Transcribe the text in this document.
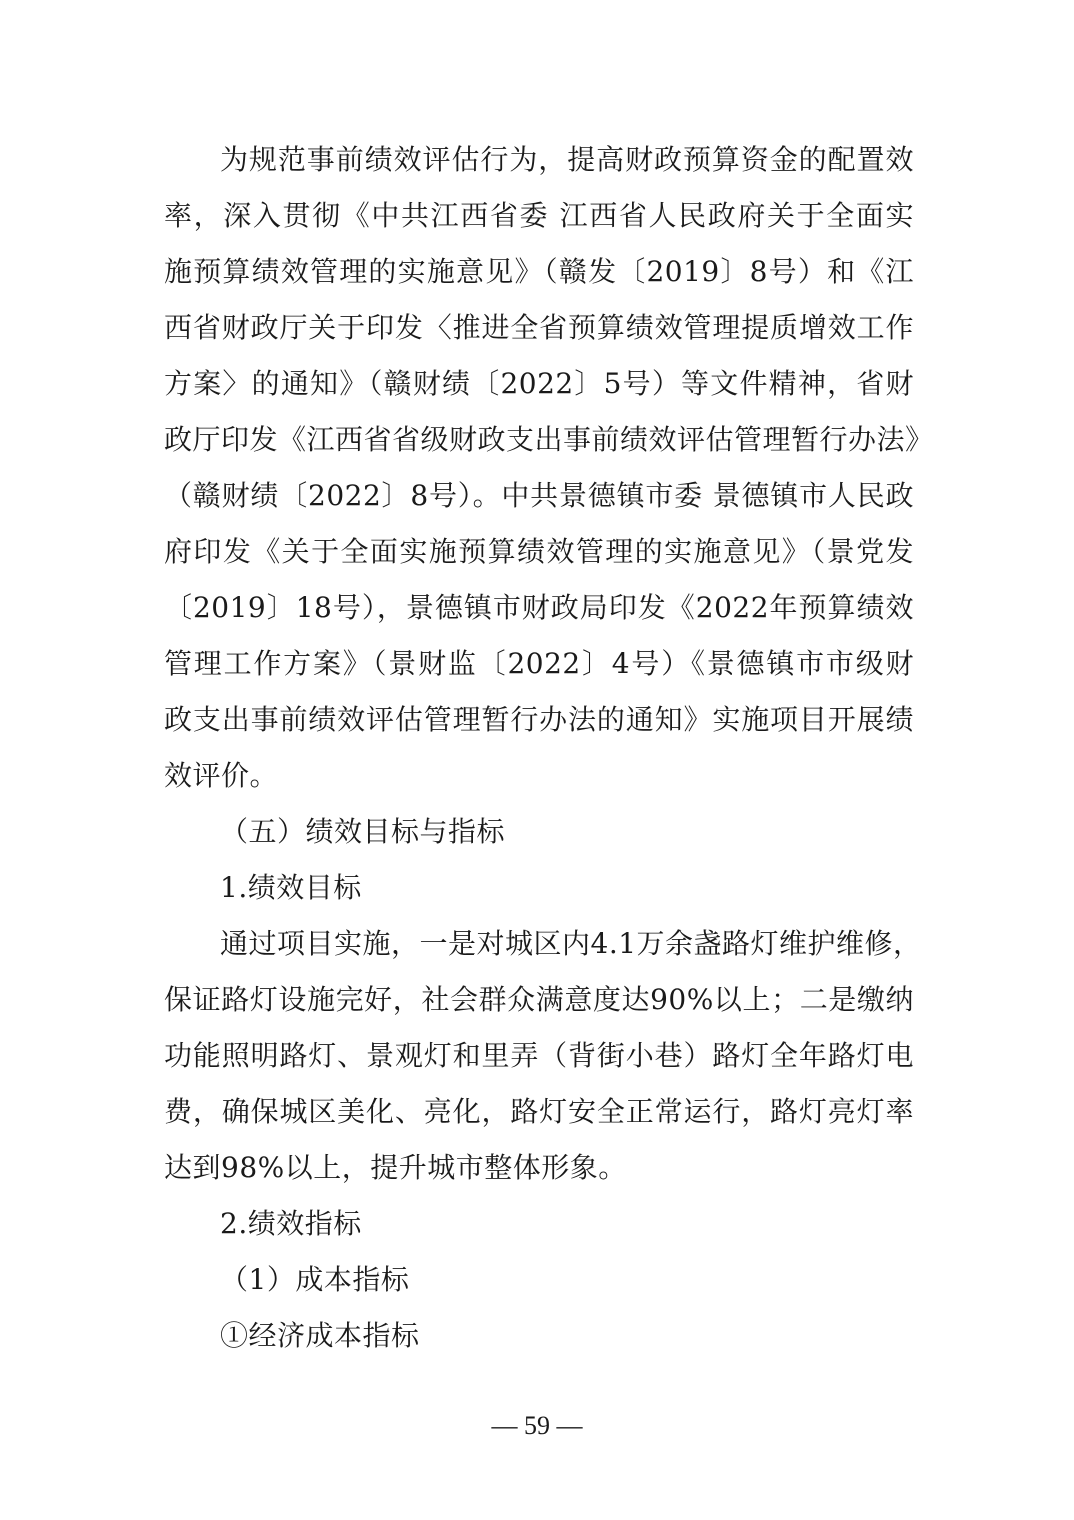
为规范事前绩效评估行为，提高财政预算资金的配置效
率，深入贯彻《中共江西省委 江西省人民政府关于全面实
施预算绩效管理的实施意见》（赣发〔2019〕8号）和《江
西省财政厅关于印发〈推进全省预算绩效管理提质增效工作
方案〉的通知》（赣财绩〔2022〕5号）等文件精神，省财
政厅印发《江西省省级财政支出事前绩效评估管理暂行办法》
（赣财绩〔2022〕8号）。中共景德镇市委 景德镇市人民政
府印发《关于全面实施预算绩效管理的实施意见》（景党发
〔2019〕18号），景德镇市财政局印发《2022年预算绩效
管理工作方案》（景财监〔2022〕4号）《景德镇市市级财
政支出事前绩效评估管理暂行办法的通知》实施项目开展绩
效评价。
（五）绩效目标与指标
1.绩效目标
通过项目实施，一是对城区内4.1万余盏路灯维护维修，
保证路灯设施完好，社会群众满意度达90%以上；二是缴纳
功能照明路灯、景观灯和里弄（背街小巷）路灯全年路灯电
费，确保城区美化、亮化，路灯安全正常运行，路灯亮灯率
达到98%以上，提升城市整体形象。
2.绩效指标
（1）成本指标
①经济成本指标
— 59 —
